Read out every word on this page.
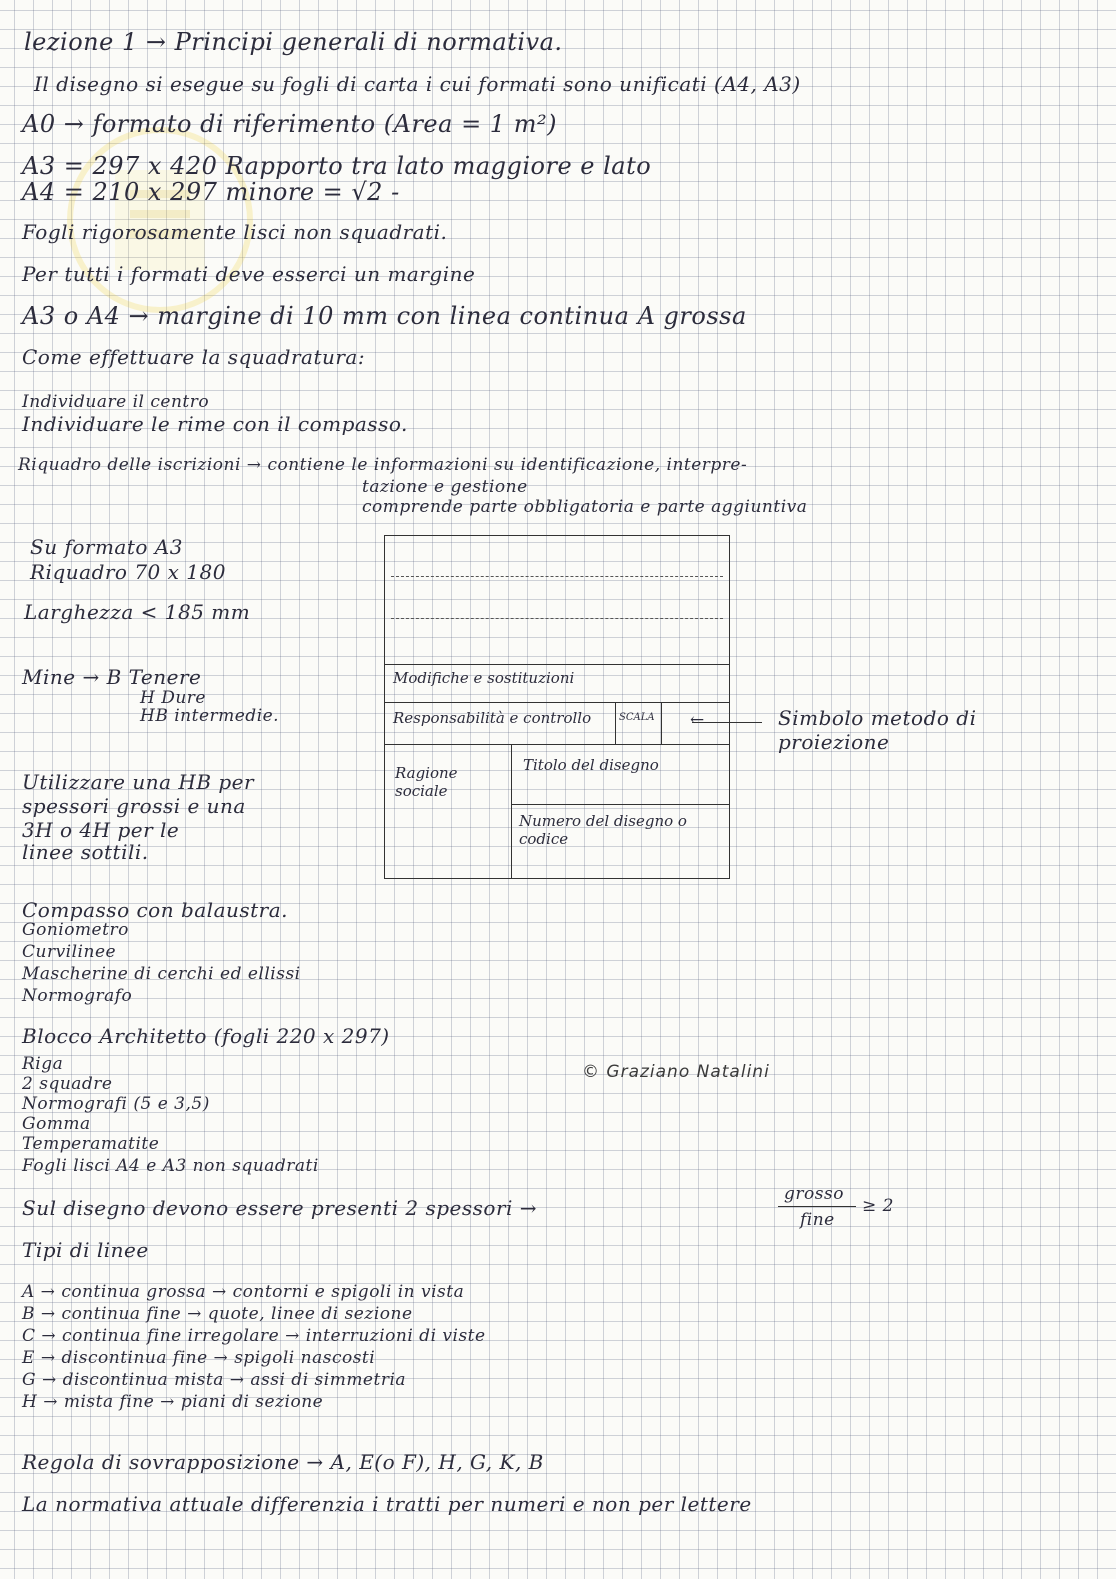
lezione 1 → Principi generali di normativa.
Il disegno si esegue su fogli di carta i cui formati sono unificati (A4, A3)
A0 → formato di riferimento (Area = 1 m²)
A3 = 297 x 420 Rapporto tra lato maggiore e lato
A4 = 210 x 297 minore = √2 -
Fogli rigorosamente lisci non squadrati.
Per tutti i formati deve esserci un margine
A3 o A4 → margine di 10 mm con linea continua A grossa
Come effettuare la squadratura:
Individuare il centro
Individuare le rime con il compasso.
Riquadro delle iscrizioni → contiene le informazioni su identificazione, interpre-
tazione e gestione
comprende parte obbligatoria e parte aggiuntiva
Su formato A3
Riquadro 70 x 180
Larghezza < 185 mm
Mine → B Tenere
H Dure
HB intermedie.
Utilizzare una HB per
spessori grossi e una
3H o 4H per le
linee sottili.
Modifiche e sostituzioni
Responsabilità e controllo	SCALA
Ragione sociale
Titolo del disegno
Numero del disegno o codice
←	Simbolo metodo di proiezione
Compasso con balaustra.
Goniometro
Curvilinee
Mascherine di cerchi ed ellissi
Normografo
Blocco Architetto (fogli 220 x 297)
Riga
2 squadre
Normografi (5 e 3,5)
Gomma
Temperamatite
Fogli lisci A4 e A3 non squadrati
© Graziano Natalini
Sul disegno devono essere presenti 2 spessori →
grosso
fine
≥ 2
Tipi di linee
A → continua grossa → contorni e spigoli in vista
B → continua fine → quote, linee di sezione
C → continua fine irregolare → interruzioni di viste
E → discontinua fine → spigoli nascosti
G → discontinua mista → assi di simmetria
H → mista fine → piani di sezione
Regola di sovrapposizione → A, E(o F), H, G, K, B
La normativa attuale differenzia i tratti per numeri e non per lettere
